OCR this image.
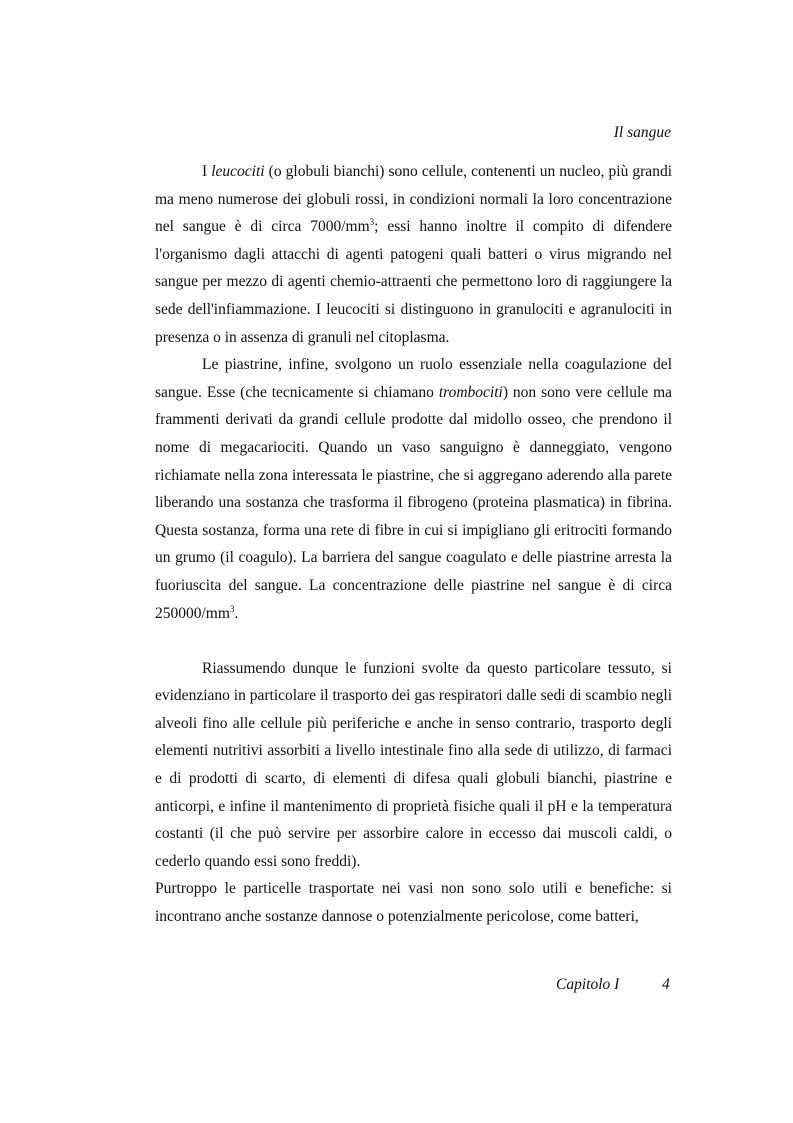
Il sangue

I leucociti (o globuli bianchi) sono cellule, contenenti un nucleo, più grandi ma meno numerose dei globuli rossi, in condizioni normali la loro concentrazione nel sangue è di circa $7000/mm^3$; essi hanno inoltre il compito di difendere l'organismo dagli attacchi di agenti patogeni quali batteri o virus migrando nel sangue per mezzo di agenti chemio-attraenti che permettono loro di raggiungere la sede dell'infiammazione. I leucociti si distinguono in granulociti e agranulociti in presenza o in assenza di granuli nel citoplasma.

Le piastrine, infine, svolgono un ruolo essenziale nella coagulazione del sangue. Esse (che tecnicamente si chiamano trombociti) non sono vere cellule ma frammenti derivati da grandi cellule prodotte dal midollo osseo, che prendono il nome di megacariociti. Quando un vaso sanguigno è danneggiato, vengono richiamate nella zona interessata le piastrine, che si aggregano aderendo alla parete liberando una sostanza che trasforma il fibrogeno (proteina plasmatica) in fibrina. Questa sostanza, forma una rete di fibre in cui si impigliano gli eritrociti formando un grumo (il coagulo). La barriera del sangue coagulato e delle piastrine arresta la fuoriuscita del sangue. La concentrazione delle piastrine nel sangue è di circa $250000/mm^3$.

Riassumendo dunque le funzioni svolte da questo particolare tessuto, si evidenziano in particolare il trasporto dei gas respiratori dalle sedi di scambio negli alveoli fino alle cellule più periferiche e anche in senso contrario, trasporto degli elementi nutritivi assorbiti a livello intestinale fino alla sede di utilizzo, di farmaci e di prodotti di scarto, di elementi di difesa quali globuli bianchi, piastrine e anticorpi, e infine il mantenimento di proprietà fisiche quali il pH e la temperatura costanti (il che può servire per assorbire calore in eccesso dai muscoli caldi, o cederlo quando essi sono freddi).

Purtroppo le particelle trasportate nei vasi non sono solo utili e benefiche: si incontrano anche sostanze dannose o potenzialmente pericolose, come batteri,

Capitolo I	4
